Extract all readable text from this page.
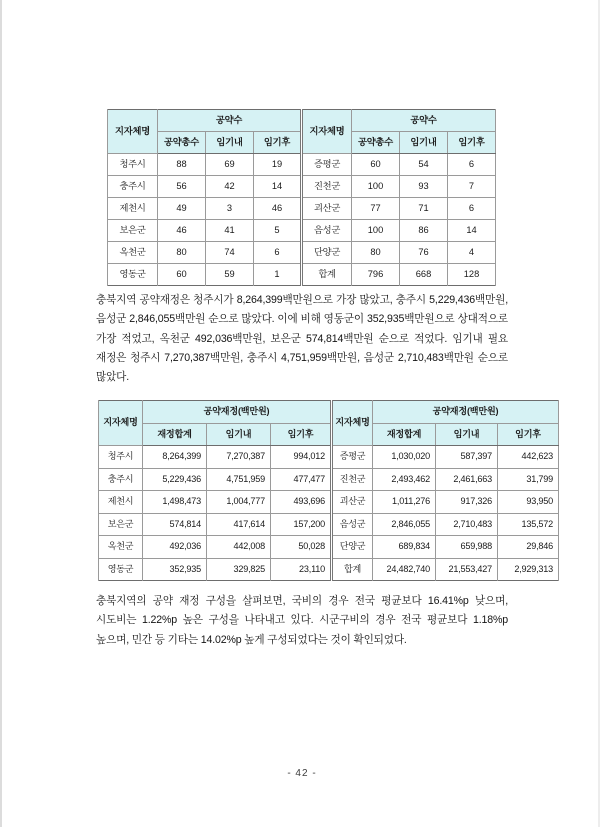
지자체명	공약수			지자체명	공약수		
	공약총수	임기내	임기후		공약총수	임기내	임기후
청주시	88	69	19	증평군	60	54	6
충주시	56	42	14	진천군	100	93	7
제천시	49	3	46	괴산군	77	71	6
보은군	46	41	5	음성군	100	86	14
옥천군	80	74	6	단양군	80	76	4
영동군	60	59	1	합계	796	668	128
충북지역 공약재정은 청주시가 8,264,399백만원으로 가장 많았고, 충주시 5,229,436백만원, 음성군 2,846,055백만원 순으로 많았다. 이에 비해 영동군이 352,935백만원으로 상대적으로 가장 적었고, 옥천군 492,036백만원, 보은군 574,814백만원 순으로 적었다. 임기내 필요 재정은 청주시 7,270,387백만원, 충주시 4,751,959백만원, 음성군 2,710,483백만원 순으로 많았다.
지자체명	공약재정(백만원)			지자체명	공약재정(백만원)		
	재정합계	임기내	임기후		재정합계	임기내	임기후
청주시	8,264,399	7,270,387	994,012	증평군	1,030,020	587,397	442,623
충주시	5,229,436	4,751,959	477,477	진천군	2,493,462	2,461,663	31,799
제천시	1,498,473	1,004,777	493,696	괴산군	1,011,276	917,326	93,950
보은군	574,814	417,614	157,200	음성군	2,846,055	2,710,483	135,572
옥천군	492,036	442,008	50,028	단양군	689,834	659,988	29,846
영동군	352,935	329,825	23,110	합계	24,482,740	21,553,427	2,929,313
충북지역의 공약 재정 구성을 살펴보면, 국비의 경우 전국 평균보다 16.41%p 낮으며, 시도비는 1.22%p 높은 구성을 나타내고 있다. 시군구비의 경우 전국 평균보다 1.18%p 높으며, 민간 등 기타는 14.02%p 높게 구성되었다는 것이 확인되었다.
- 42 -
